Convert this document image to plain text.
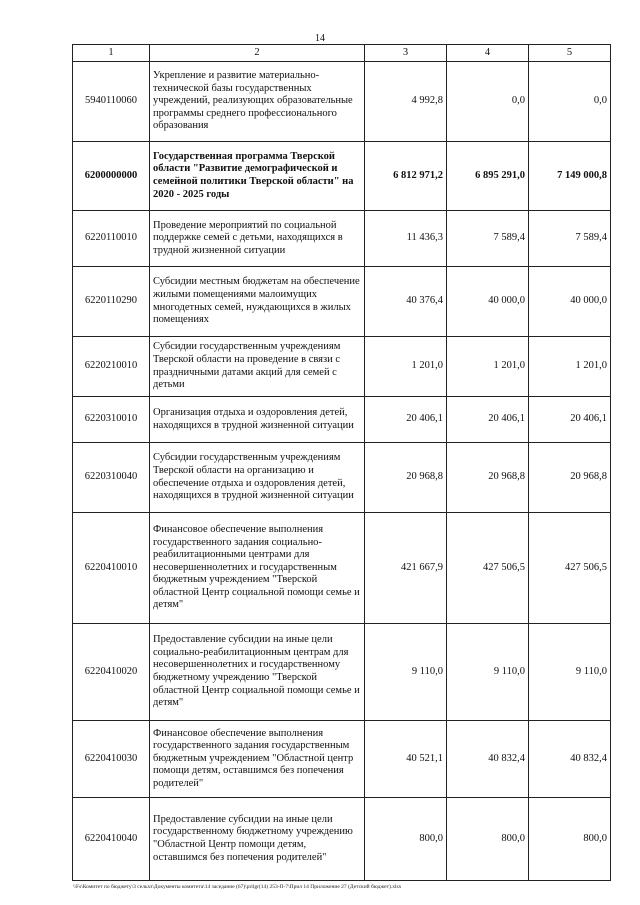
14
1	2	3	4	5
5940110060	Укрепление и развитие материально-технической базы государственных учреждений, реализующих образовательные программы среднего профессионального образования	4 992,8	0,0	0,0
6200000000	Государственная программа Тверской области "Развитие демографической и семейной политики Тверской области" на 2020 - 2025 годы	6 812 971,2	6 895 291,0	7 149 000,8
6220110010	Проведение мероприятий по социальной поддержке семей с детьми, находящихся в трудной жизненной ситуации	11 436,3	7 589,4	7 589,4
6220110290	Субсидии местным бюджетам на обеспечение жилыми помещениями малоимущих многодетных семей, нуждающихся в жилых помещениях	40 376,4	40 000,0	40 000,0
6220210010	Субсидии государственным учреждениям Тверской области на проведение в связи с праздничными датами акций для семей с детьми	1 201,0	1 201,0	1 201,0
6220310010	Организация отдыха и оздоровления детей, находящихся в трудной жизненной ситуации	20 406,1	20 406,1	20 406,1
6220310040	Субсидии государственным учреждениям Тверской области на организацию и обеспечение отдыха и оздоровления детей, находящихся в трудной жизненной ситуации	20 968,8	20 968,8	20 968,8
6220410010	Финансовое обеспечение выполнения государственного задания социально-реабилитационными центрами для несовершеннолетних и государственным бюджетным учреждением "Тверской областной Центр социальной помощи семье и детям"	421 667,9	427 506,5	427 506,5
6220410020	Предоставление субсидии на иные цели социально-реабилитационным центрам для несовершеннолетних и государственному бюджетному учреждению "Тверской областной Центр социальной помощи семье и детям"	9 110,0	9 110,0	9 110,0
6220410030	Финансовое обеспечение выполнения государственного задания государственным бюджетным учреждением "Областной центр помощи детям, оставшимся без попечения родителей"	40 521,1	40 832,4	40 832,4
6220410040	Предоставление субсидии на иные цели государственному бюджетному учреждению "Областной Центр помощи детям, оставшимся без попечения родителей"	800,0	800,0	800,0
\\Fs\Комитет по бюджету\3 сельхз\Документы комитета\14 заседание (67)\prilgr(14) 253-П-7\Прил 14 Приложение 27 (Детский бюджет).xlsx
